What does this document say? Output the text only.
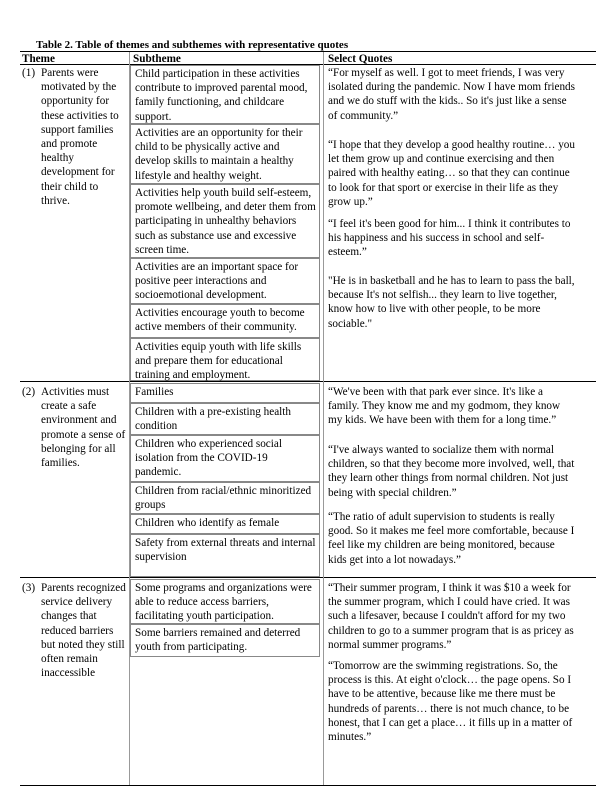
Table 2. Table of themes and subthemes with representative quotes
Theme	Subtheme	Select Quotes
(1) Parents were motivated by the opportunity for these activities to support families and promote healthy development for their child to thrive.
Child participation in these activities contribute to improved parental mood, family functioning, and childcare support.
Activities are an opportunity for their child to be physically active and develop skills to maintain a healthy lifestyle and healthy weight.
Activities help youth build self-esteem, promote wellbeing, and deter them from participating in unhealthy behaviors such as substance use and excessive screen time.
Activities are an important space for positive peer interactions and socioemotional development.
Activities encourage youth to become active members of their community.
Activities equip youth with life skills and prepare them for educational training and employment.
“For myself as well. I got to meet friends, I was very isolated during the pandemic. Now I have mom friends and we do stuff with the kids.. So it's just like a sense of community.”
“I hope that they develop a good healthy routine… you let them grow up and continue exercising and then paired with healthy eating… so that they can continue to look for that sport or exercise in their life as they grow up.”
“I feel it's been good for him... I think it contributes to his happiness and his success in school and self-esteem.”
"He is in basketball and he has to learn to pass the ball, because It's not selfish... they learn to live together, know how to live with other people, to be more sociable."
(2) Activities must create a safe environment and promote a sense of belonging for all families.
Families
Children with a pre-existing health condition
Children who experienced social isolation from the COVID-19 pandemic.
Children from racial/ethnic minoritized groups
Children who identify as female
Safety from external threats and internal supervision
“We've been with that park ever since. It's like a family. They know me and my godmom, they know my kids. We have been with them for a long time.”
“I've always wanted to socialize them with normal children, so that they become more involved, well, that they learn other things from normal children. Not just being with special children.”
“The ratio of adult supervision to students is really good. So it makes me feel more comfortable, because I feel like my children are being monitored, because kids get into a lot nowadays.”
(3) Parents recognized service delivery changes that reduced barriers but noted they still often remain inaccessible
Some programs and organizations were able to reduce access barriers, facilitating youth participation.
Some barriers remained and deterred youth from participating.
“Their summer program, I think it was $10 a week for the summer program, which I could have cried. It was such a lifesaver, because I couldn't afford for my two children to go to a summer program that is as pricey as normal summer programs.”
“Tomorrow are the swimming registrations. So, the process is this. At eight o'clock… the page opens. So I have to be attentive, because like me there must be hundreds of parents… there is not much chance, to be honest, that I can get a place… it fills up in a matter of minutes.”
